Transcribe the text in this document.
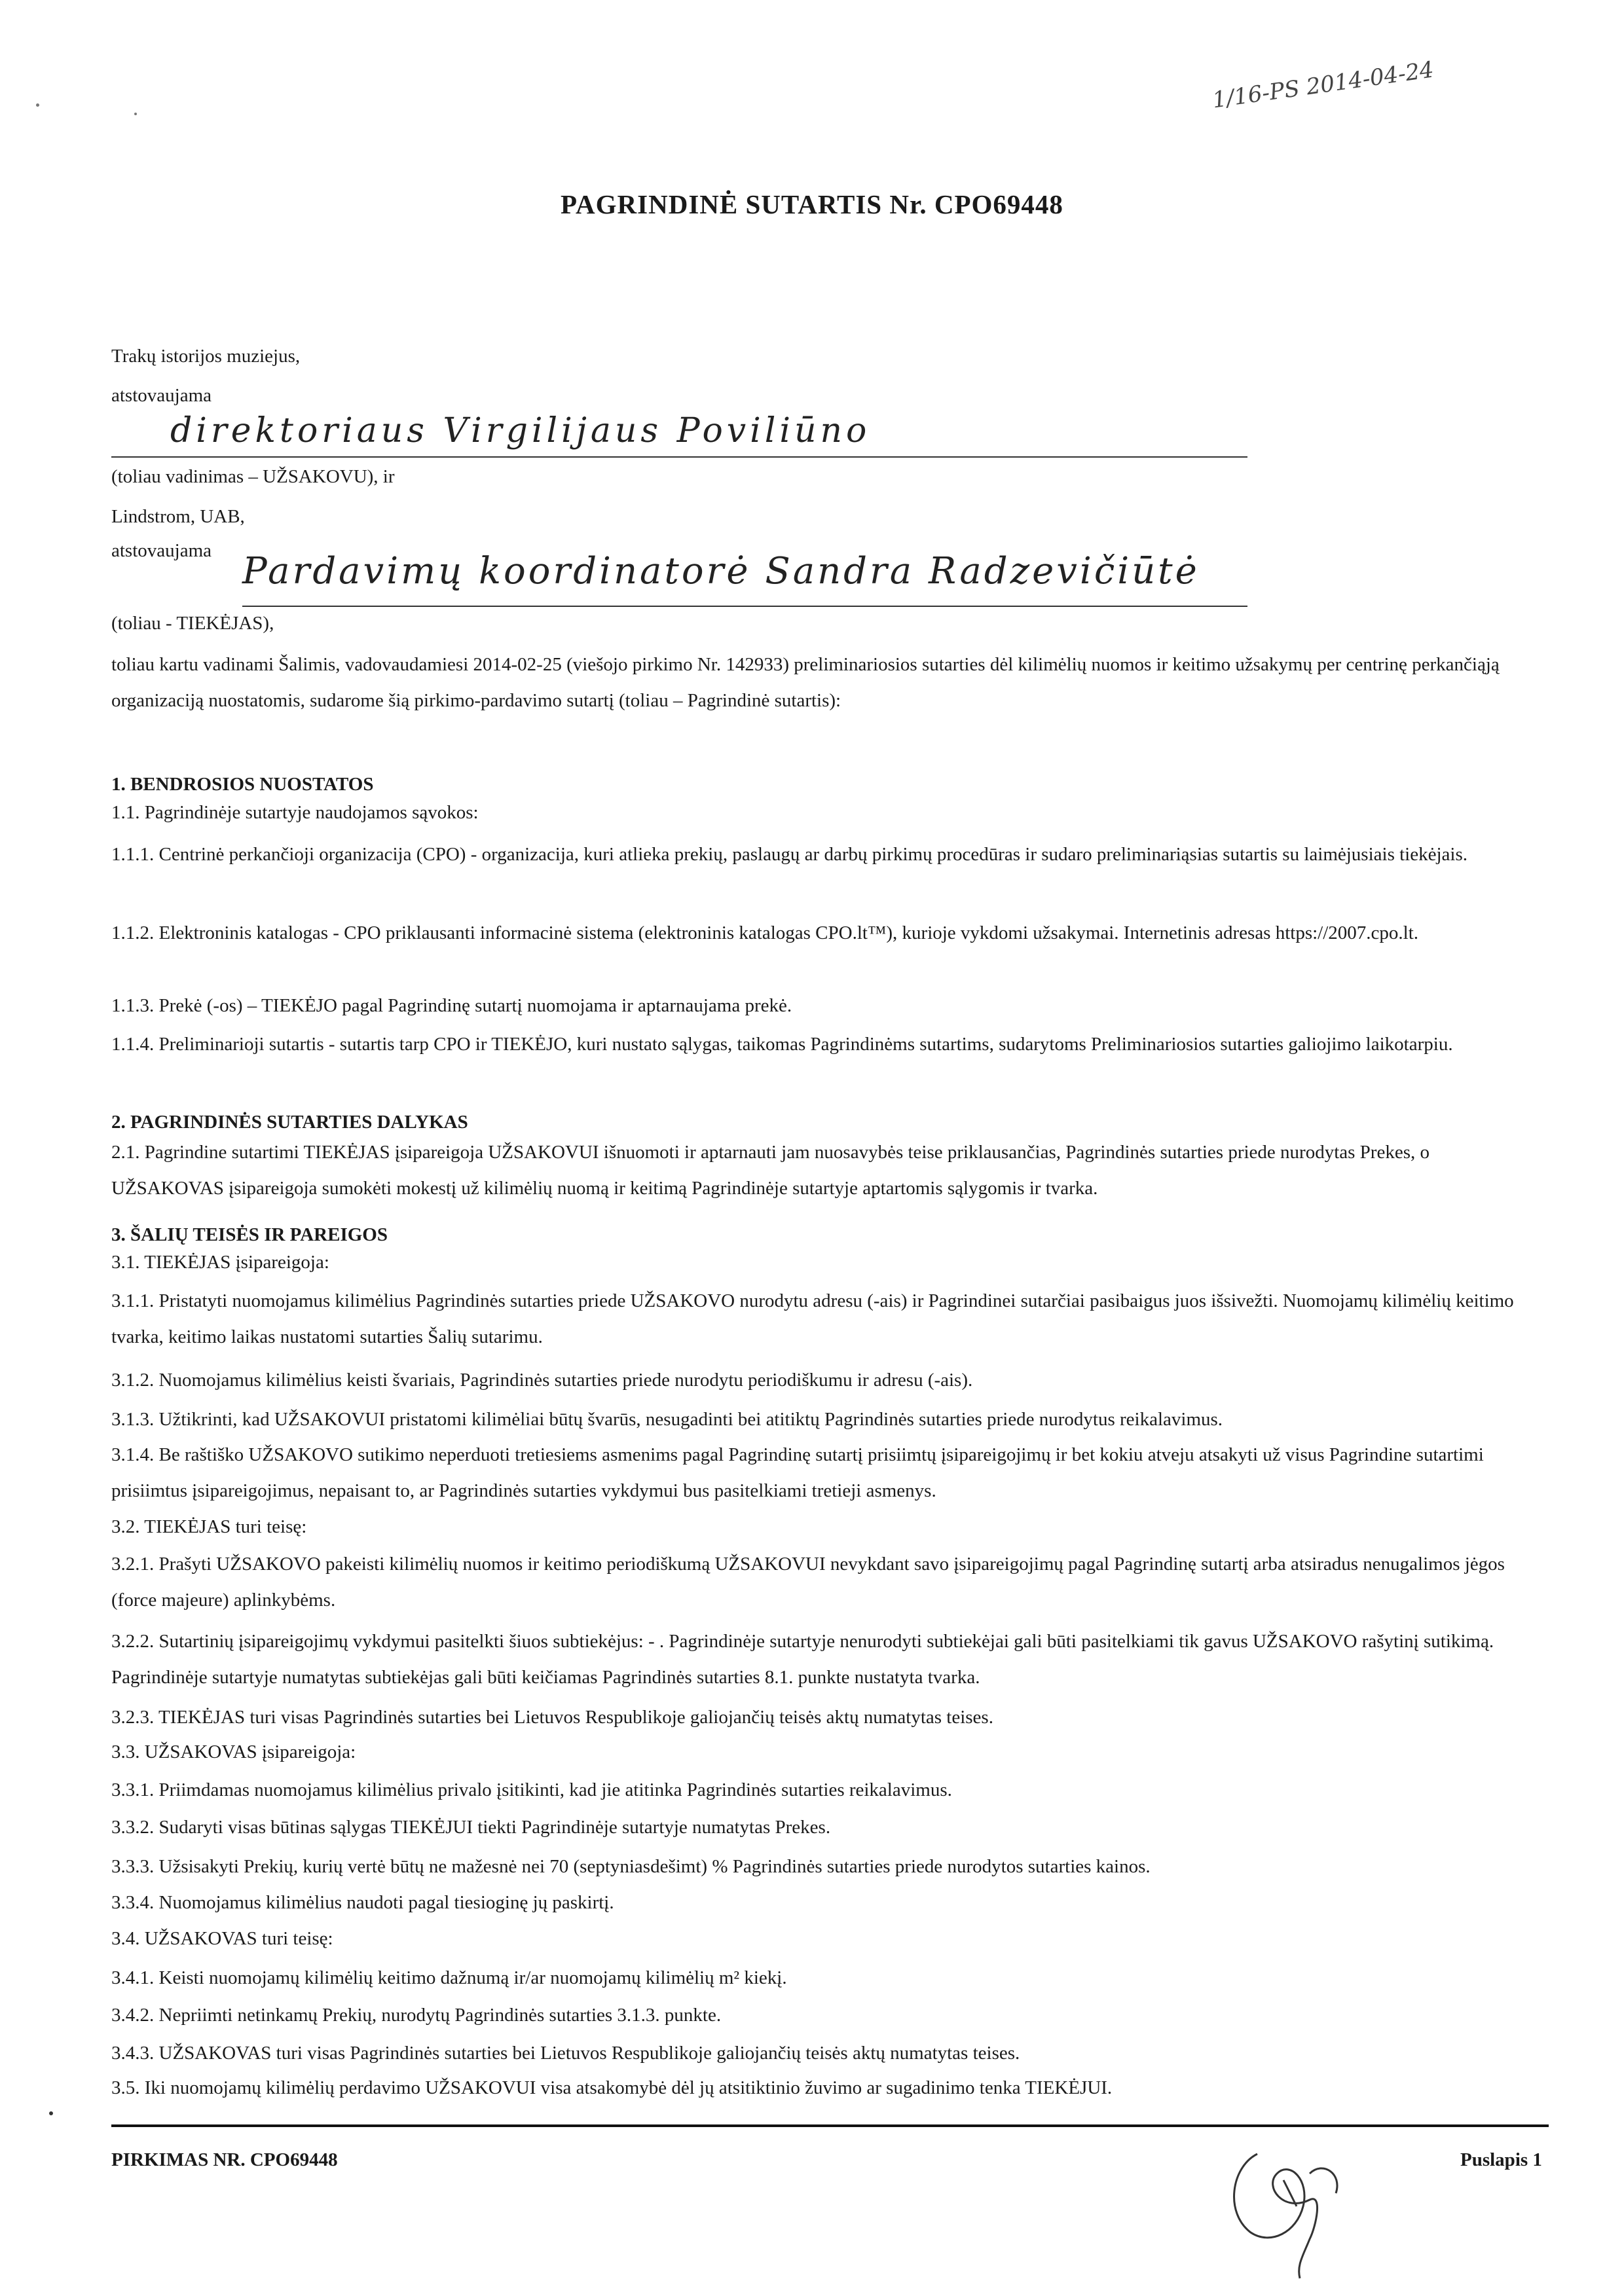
1/16-PS 2014-04-24
PAGRINDINĖ SUTARTIS Nr. CPO69448
Trakų istorijos muziejus,
atstovaujama
direktoriaus Virgilijaus Poviliūno
(toliau vadinimas – UŽSAKOVU), ir
Lindstrom, UAB,
atstovaujama Pardavimų koordinatorė Sandra Radzevičiūtė
(toliau - TIEKĖJAS),
toliau kartu vadinami Šalimis, vadovaudamiesi 2014-02-25 (viešojo pirkimo Nr. 142933) preliminariosios sutarties dėl kilimėlių nuomos ir keitimo užsakymų per centrinę perkančiąją organizaciją nuostatomis, sudarome šią pirkimo-pardavimo sutartį (toliau – Pagrindinė sutartis):
1. BENDROSIOS NUOSTATOS
1.1. Pagrindinėje sutartyje naudojamos sąvokos:
1.1.1. Centrinė perkančioji organizacija (CPO) - organizacija, kuri atlieka prekių, paslaugų ar darbų pirkimų procedūras ir sudaro preliminariąsias sutartis su laimėjusiais tiekėjais.
1.1.2. Elektroninis katalogas - CPO priklausanti informacinė sistema (elektroninis katalogas CPO.lt™), kurioje vykdomi užsakymai. Internetinis adresas https://2007.cpo.lt.
1.1.3. Prekė (-os) – TIEKĖJO pagal Pagrindinę sutartį nuomojama ir aptarnaujama prekė.
1.1.4. Preliminarioji sutartis - sutartis tarp CPO ir TIEKĖJO, kuri nustato sąlygas, taikomas Pagrindinėms sutartims, sudarytoms Preliminariosios sutarties galiojimo laikotarpiu.
2. PAGRINDINĖS SUTARTIES DALYKAS
2.1. Pagrindine sutartimi TIEKĖJAS įsipareigoja UŽSAKOVUI išnuomoti ir aptarnauti jam nuosavybės teise priklausančias, Pagrindinės sutarties priede nurodytas Prekes, o UŽSAKOVAS įsipareigoja sumokėti mokestį už kilimėlių nuomą ir keitimą Pagrindinėje sutartyje aptartomis sąlygomis ir tvarka.
3. ŠALIŲ TEISĖS IR PAREIGOS
3.1. TIEKĖJAS įsipareigoja:
3.1.1. Pristatyti nuomojamus kilimėlius Pagrindinės sutarties priede UŽSAKOVO nurodytu adresu (-ais) ir Pagrindinei sutarčiai pasibaigus juos išsivežti. Nuomojamų kilimėlių keitimo tvarka, keitimo laikas nustatomi sutarties Šalių sutarimu.
3.1.2. Nuomojamus kilimėlius keisti švariais, Pagrindinės sutarties priede nurodytu periodiškumu ir adresu (-ais).
3.1.3. Užtikrinti, kad UŽSAKOVUI pristatomi kilimėliai būtų švarūs, nesugadinti bei atitiktų Pagrindinės sutarties priede nurodytus reikalavimus.
3.1.4. Be raštiško UŽSAKOVO sutikimo neperduoti tretiesiems asmenims pagal Pagrindinę sutartį prisiimtų įsipareigojimų ir bet kokiu atveju atsakyti už visus Pagrindine sutartimi prisiimtus įsipareigojimus, nepaisant to, ar Pagrindinės sutarties vykdymui bus pasitelkiami tretieji asmenys.
3.2. TIEKĖJAS turi teisę:
3.2.1. Prašyti UŽSAKOVO pakeisti kilimėlių nuomos ir keitimo periodiškumą UŽSAKOVUI nevykdant savo įsipareigojimų pagal Pagrindinę sutartį arba atsiradus nenugalimos jėgos (force majeure) aplinkybėms.
3.2.2. Sutartinių įsipareigojimų vykdymui pasitelkti šiuos subtiekėjus: - . Pagrindinėje sutartyje nenurodyti subtiekėjai gali būti pasitelkiami tik gavus UŽSAKOVO rašytinį sutikimą. Pagrindinėje sutartyje numatytas subtiekėjas gali būti keičiamas Pagrindinės sutarties 8.1. punkte nustatyta tvarka.
3.2.3. TIEKĖJAS turi visas Pagrindinės sutarties bei Lietuvos Respublikoje galiojančių teisės aktų numatytas teises.
3.3. UŽSAKOVAS įsipareigoja:
3.3.1. Priimdamas nuomojamus kilimėlius privalo įsitikinti, kad jie atitinka Pagrindinės sutarties reikalavimus.
3.3.2. Sudaryti visas būtinas sąlygas TIEKĖJUI tiekti Pagrindinėje sutartyje numatytas Prekes.
3.3.3. Užsisakyti Prekių, kurių vertė būtų ne mažesnė nei 70 (septyniasdešimt) % Pagrindinės sutarties priede nurodytos sutarties kainos.
3.3.4. Nuomojamus kilimėlius naudoti pagal tiesioginę jų paskirtį.
3.4. UŽSAKOVAS turi teisę:
3.4.1. Keisti nuomojamų kilimėlių keitimo dažnumą ir/ar nuomojamų kilimėlių m² kiekį.
3.4.2. Nepriimti netinkamų Prekių, nurodytų Pagrindinės sutarties 3.1.3. punkte.
3.4.3. UŽSAKOVAS turi visas Pagrindinės sutarties bei Lietuvos Respublikoje galiojančių teisės aktų numatytas teises.
3.5. Iki nuomojamų kilimėlių perdavimo UŽSAKOVUI visa atsakomybė dėl jų atsitiktinio žuvimo ar sugadinimo tenka TIEKĖJUI.
PIRKIMAS NR. CPO69448	Puslapis 1
